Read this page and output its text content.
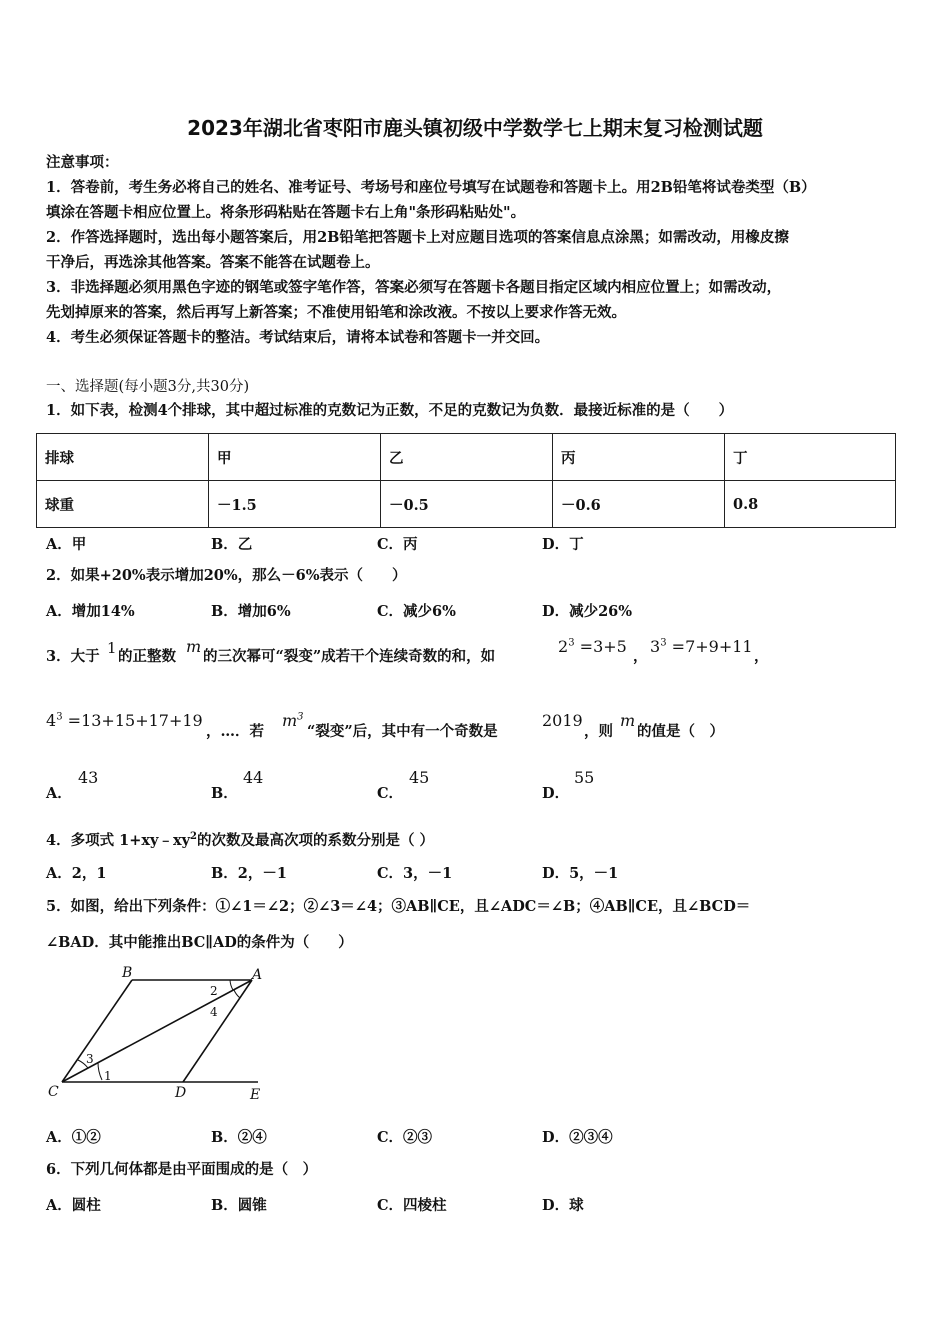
2023年湖北省枣阳市鹿头镇初级中学数学七上期末复习检测试题
注意事项：
1．答卷前，考生务必将自己的姓名、准考证号、考场号和座位号填写在试题卷和答题卡上。用2B铅笔将试卷类型（B）
填涂在答题卡相应位置上。将条形码粘贴在答题卡右上角"条形码粘贴处"。
2．作答选择题时，选出每小题答案后，用2B铅笔把答题卡上对应题目选项的答案信息点涂黑；如需改动，用橡皮擦
干净后，再选涂其他答案。答案不能答在试题卷上。
3．非选择题必须用黑色字迹的钢笔或签字笔作答，答案必须写在答题卡各题目指定区域内相应位置上；如需改动，
先划掉原来的答案，然后再写上新答案；不准使用铅笔和涂改液。不按以上要求作答无效。
4．考生必须保证答题卡的整洁。考试结束后，请将本试卷和答题卡一并交回。
一、选择题(每小题3分,共30分)
1．如下表，检测4个排球，其中超过标准的克数记为正数，不足的克数记为负数．最接近标准的是（　　）
排球	甲	乙	丙	丁
球重	－1.5	－0.5	－0.6	0.8
A．甲	B．乙	C．丙	D．丁
2．如果+20%表示增加20%，那么－6%表示（　　）
A．增加14%	B．增加6%	C．减少6%	D．减少26%
3．大于 1 的正整数
m
的三次幂可“裂变”成若干个连续奇数的和，如
$2^3 =3+5$
，
$3^3 =7+9+11$
，
$4^3 =13+15+17+19$
，…．若
$m^3$
“裂变”后，其中有一个奇数是
2019
，则
m
的值是（　）
A．
43
B．
44
C．
45
D．
55
4．多项式 $1+xy﹣xy^2$的次数及最高次项的系数分别是（ ）
A．2，1	B．2，－1	C．3，－1	D．5，－1
5．如图，给出下列条件：①∠1＝∠2；②∠3＝∠4；③AB∥CE，且∠ADC＝∠B；④AB∥CE，且∠BCD＝
∠BAD．其中能推出BC∥AD的条件为（　　）
B	A
C	D	E
1
2
3
4
A．①②	B．②④	C．②③	D．②③④
6．下列几何体都是由平面围成的是（　）
A．圆柱	B．圆锥	C．四棱柱	D．球
